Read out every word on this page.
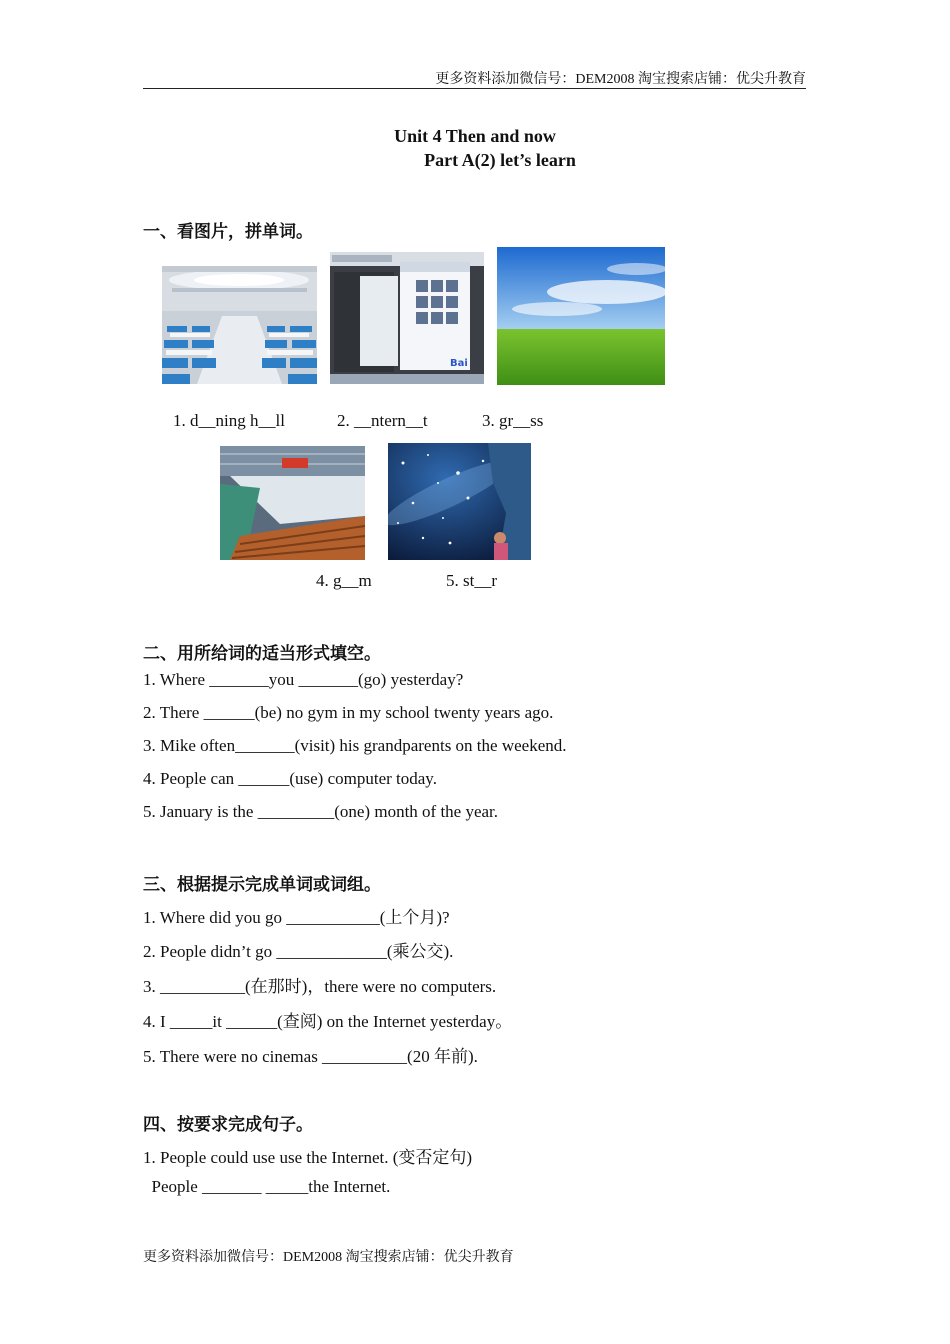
更多资料添加微信号：DEM2008 淘宝搜索店铺：优尖升教育
Unit 4 Then and now
Part A(2) let’s learn
一、看图片，拼单词。
Bai
1. d__ning h__ll	2. __ntern__t	3. gr__ss
4. g__m	5. st__r
二、用所给词的适当形式填空。
1. Where _______you _______(go) yesterday?
2. There ______(be) no gym in my school twenty years ago.
3. Mike often_______(visit) his grandparents on the weekend.
4. People can ______(use) computer today.
5. January is the _________(one) month of the year.
三、根据提示完成单词或词组。
1. Where did you go ___________(上个月)?
2. People didn’t go _____________(乘公交).
3. __________(在那时)，there were no computers.
4. I _____it ______(查阅) on the Internet yesterday。
5. There were no cinemas __________(20 年前).
四、按要求完成句子。
1. People could use use the Internet. (变否定句)
People _______ _____the Internet.
更多资料添加微信号：DEM2008 淘宝搜索店铺：优尖升教育
